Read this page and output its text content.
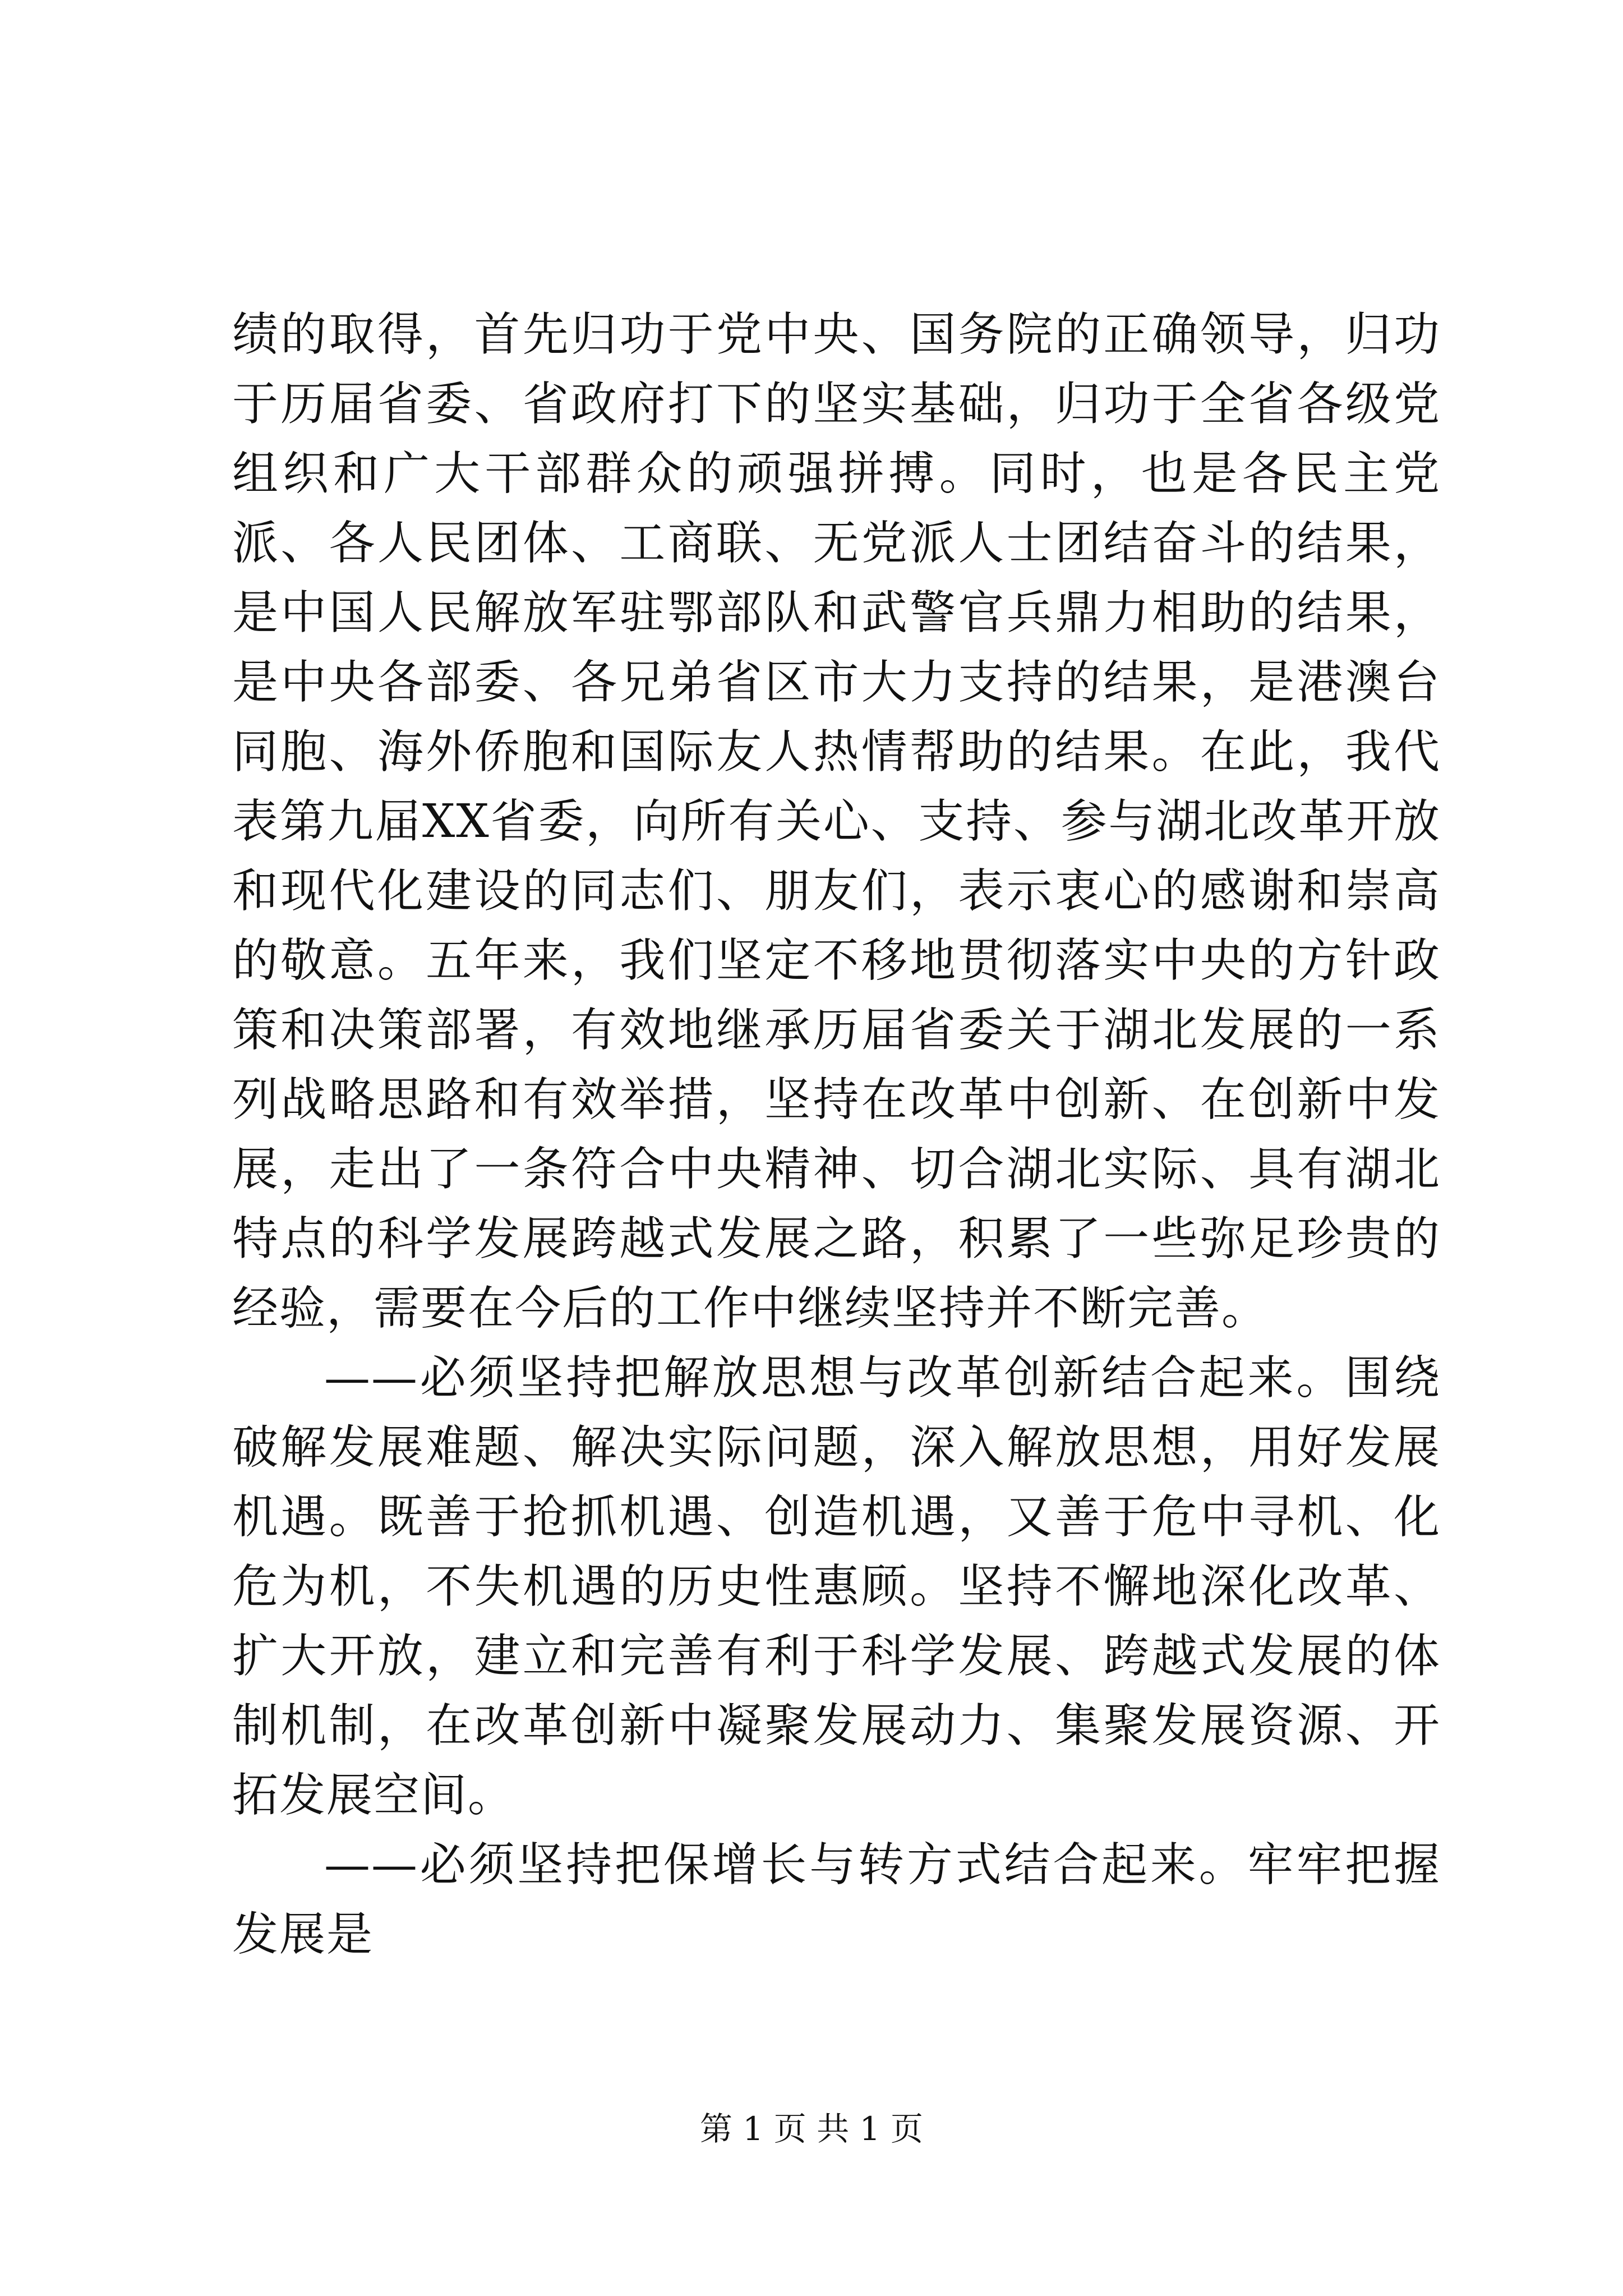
绩的取得，首先归功于党中央、国务院的正确领导，归功于历届省委、省政府打下的坚实基础，归功于全省各级党组织和广大干部群众的顽强拼搏。同时，也是各民主党派、各人民团体、工商联、无党派人士团结奋斗的结果，是中国人民解放军驻鄂部队和武警官兵鼎力相助的结果，是中央各部委、各兄弟省区市大力支持的结果，是港澳台同胞、海外侨胞和国际友人热情帮助的结果。在此，我代表第九届XX省委，向所有关心、支持、参与湖北改革开放和现代化建设的同志们、朋友们，表示衷心的感谢和崇高的敬意。五年来，我们坚定不移地贯彻落实中央的方针政策和决策部署，有效地继承历届省委关于湖北发展的一系列战略思路和有效举措，坚持在改革中创新、在创新中发展，走出了一条符合中央精神、切合湖北实际、具有湖北特点的科学发展跨越式发展之路，积累了一些弥足珍贵的经验，需要在今后的工作中继续坚持并不断完善。

——必须坚持把解放思想与改革创新结合起来。围绕破解发展难题、解决实际问题，深入解放思想，用好发展机遇。既善于抢抓机遇、创造机遇，又善于危中寻机、化危为机，不失机遇的历史性惠顾。坚持不懈地深化改革、扩大开放，建立和完善有利于科学发展、跨越式发展的体制机制，在改革创新中凝聚发展动力、集聚发展资源、开拓发展空间。

——必须坚持把保增长与转方式结合起来。牢牢把握发展是

第 1 页 共 1 页
